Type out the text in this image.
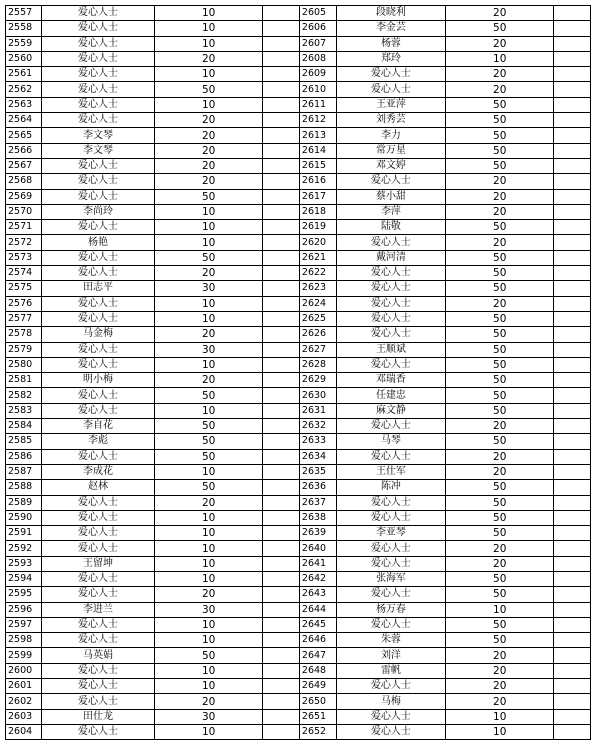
2557	爱心人士	10		2605	段晓利	20	
2558	爱心人士	10		2606	李金芸	50	
2559	爱心人士	10		2607	杨蓉	20	
2560	爱心人士	20		2608	郑玲	10	
2561	爱心人士	10		2609	爱心人士	20	
2562	爱心人士	50		2610	爱心人士	20	
2563	爱心人士	10		2611	王亚萍	50	
2564	爱心人士	20		2612	刘秀芸	50	
2565	李文琴	20		2613	李力	50	
2566	李文琴	20		2614	常万星	50	
2567	爱心人士	20		2615	邓文婷	50	
2568	爱心人士	20		2616	爱心人士	20	
2569	爱心人士	50		2617	蔡小甜	20	
2570	李尚玲	10		2618	李萍	20	
2571	爱心人士	10		2619	陆敬	50	
2572	杨艳	10		2620	爱心人士	20	
2573	爱心人士	50		2621	戴河清	50	
2574	爱心人士	20		2622	爱心人士	50	
2575	田志平	30		2623	爱心人士	50	
2576	爱心人士	10		2624	爱心人士	20	
2577	爱心人士	10		2625	爱心人士	50	
2578	马金梅	20		2626	爱心人士	50	
2579	爱心人士	30		2627	王顺斌	50	
2580	爱心人士	10		2628	爱心人士	50	
2581	明小梅	20		2629	邓瑞香	50	
2582	爱心人士	50		2630	任建忠	50	
2583	爱心人士	10		2631	麻文静	50	
2584	李自花	50		2632	爱心人士	20	
2585	李彪	50		2633	马琴	50	
2586	爱心人士	50		2634	爱心人士	20	
2587	李成花	10		2635	王仕军	20	
2588	赵林	50		2636	陈冲	50	
2589	爱心人士	20		2637	爱心人士	50	
2590	爱心人士	10		2638	爱心人士	50	
2591	爱心人士	10		2639	李亚琴	50	
2592	爱心人士	10		2640	爱心人士	20	
2593	王留坤	10		2641	爱心人士	20	
2594	爱心人士	10		2642	张海军	50	
2595	爱心人士	20		2643	爱心人士	50	
2596	李进兰	30		2644	杨万春	10	
2597	爱心人士	10		2645	爱心人士	50	
2598	爱心人士	10		2646	朱蓉	50	
2599	马英娟	50		2647	刘洋	20	
2600	爱心人士	10		2648	雷帆	20	
2601	爱心人士	10		2649	爱心人士	20	
2602	爱心人士	20		2650	马梅	20	
2603	田仕龙	30		2651	爱心人士	10	
2604	爱心人士	10		2652	爱心人士	10	
